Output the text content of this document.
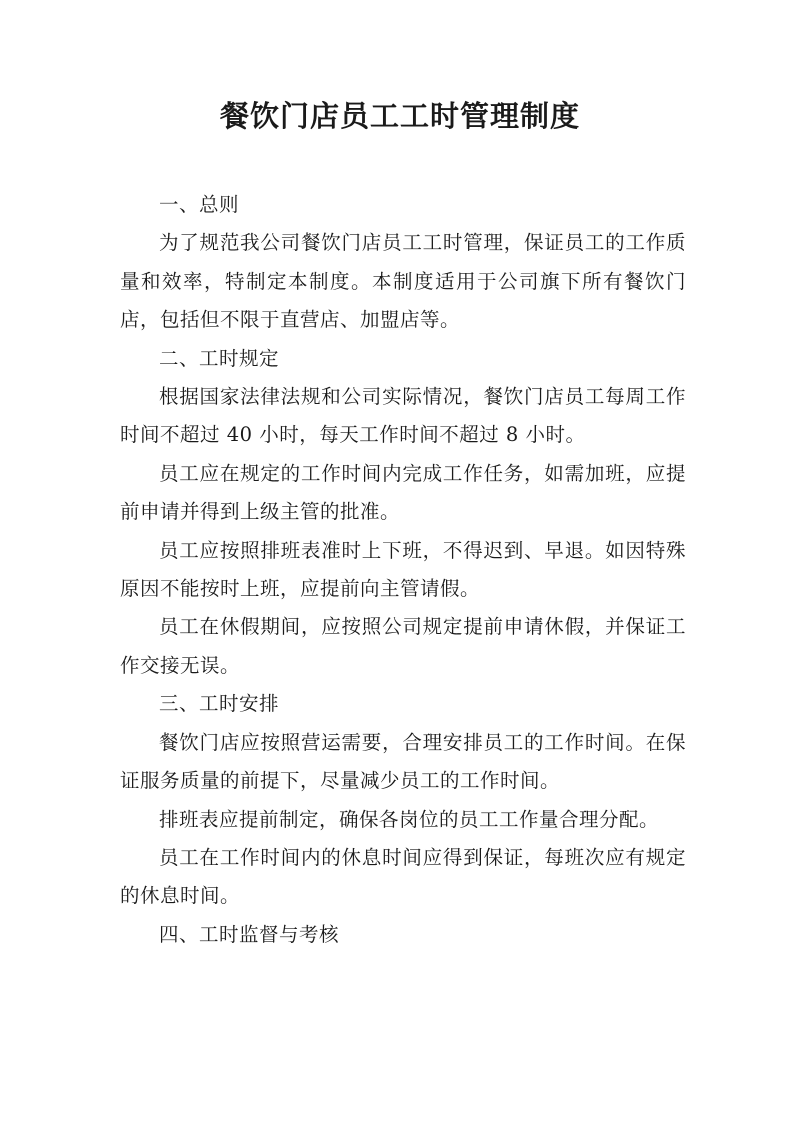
餐饮门店员工工时管理制度

一、总则

为了规范我公司餐饮门店员工工时管理，保证员工的工作质量和效率，特制定本制度。本制度适用于公司旗下所有餐饮门店，包括但不限于直营店、加盟店等。

二、工时规定

根据国家法律法规和公司实际情况，餐饮门店员工每周工作时间不超过 40 小时，每天工作时间不超过 8 小时。

员工应在规定的工作时间内完成工作任务，如需加班，应提前申请并得到上级主管的批准。

员工应按照排班表准时上下班，不得迟到、早退。如因特殊原因不能按时上班，应提前向主管请假。

员工在休假期间，应按照公司规定提前申请休假，并保证工作交接无误。

三、工时安排

餐饮门店应按照营运需要，合理安排员工的工作时间。在保证服务质量的前提下，尽量减少员工的工作时间。

排班表应提前制定，确保各岗位的员工工作量合理分配。

员工在工作时间内的休息时间应得到保证，每班次应有规定的休息时间。

四、工时监督与考核
